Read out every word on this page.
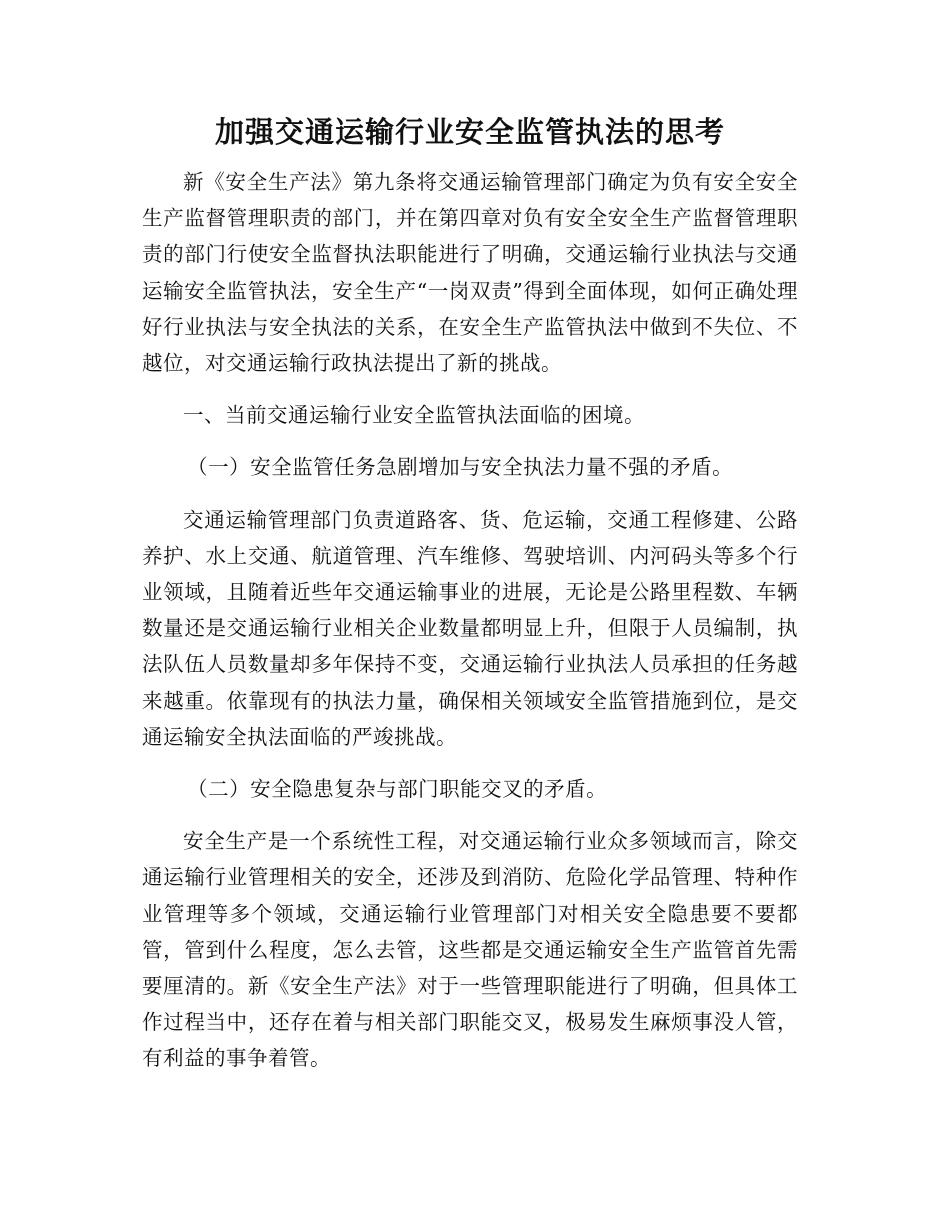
加强交通运输行业安全监管执法的思考

新《安全生产法》第九条将交通运输管理部门确定为负有安全安全生产监督管理职责的部门，并在第四章对负有安全安全生产监督管理职责的部门行使安全监督执法职能进行了明确，交通运输行业执法与交通运输安全监管执法，安全生产“一岗双责”得到全面体现，如何正确处理好行业执法与安全执法的关系，在安全生产监管执法中做到不失位、不越位，对交通运输行政执法提出了新的挑战。

一、当前交通运输行业安全监管执法面临的困境。

（一）安全监管任务急剧增加与安全执法力量不强的矛盾。

交通运输管理部门负责道路客、货、危运输，交通工程修建、公路养护、水上交通、航道管理、汽车维修、驾驶培训、内河码头等多个行业领域，且随着近些年交通运输事业的进展，无论是公路里程数、车辆数量还是交通运输行业相关企业数量都明显上升，但限于人员编制，执法队伍人员数量却多年保持不变，交通运输行业执法人员承担的任务越来越重。依靠现有的执法力量，确保相关领域安全监管措施到位，是交通运输安全执法面临的严竣挑战。

（二）安全隐患复杂与部门职能交叉的矛盾。

安全生产是一个系统性工程，对交通运输行业众多领域而言，除交通运输行业管理相关的安全，还涉及到消防、危险化学品管理、特种作业管理等多个领域，交通运输行业管理部门对相关安全隐患要不要都管，管到什么程度，怎么去管，这些都是交通运输安全生产监管首先需要厘清的。新《安全生产法》对于一些管理职能进行了明确，但具体工作过程当中，还存在着与相关部门职能交叉，极易发生麻烦事没人管，有利益的事争着管。
